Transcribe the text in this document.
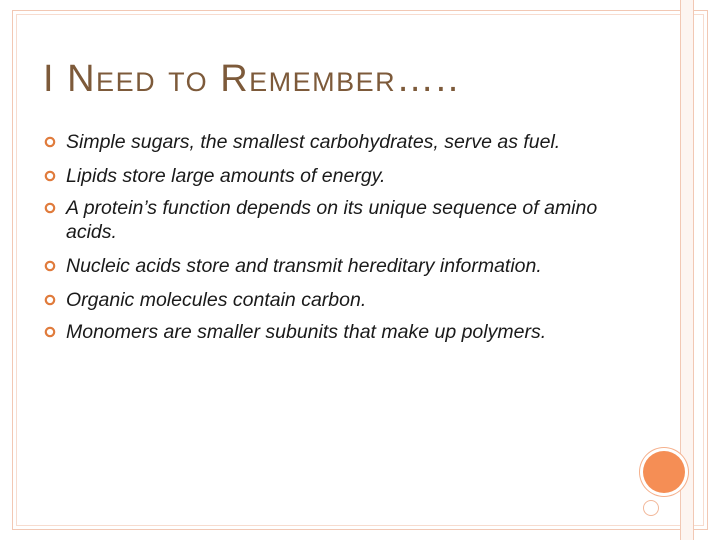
I Need to Remember…..
Simple sugars, the smallest carbohydrates, serve as fuel.
Lipids store large amounts of energy.
A protein’s function depends on its unique sequence of amino acids.
Nucleic acids store and transmit hereditary information.
Organic molecules contain carbon.
Monomers are smaller subunits that make up polymers.
